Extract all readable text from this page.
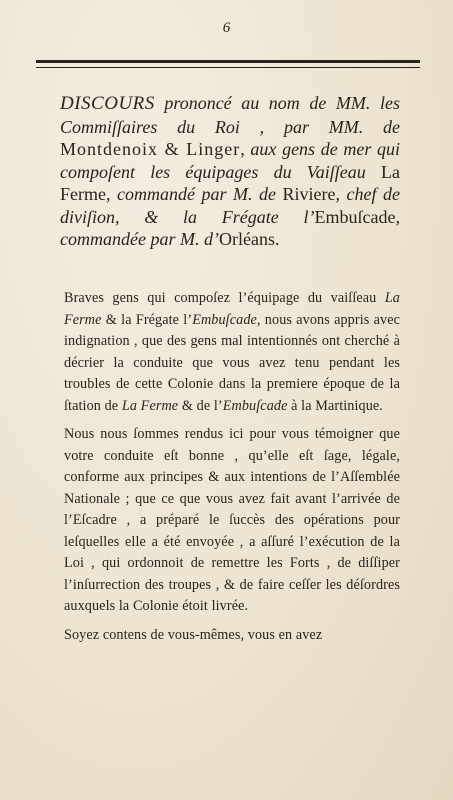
6
DISCOURS prononcé au nom de MM. les Commiſſaires du Roi , par MM. de Montdenoix & Linger, aux gens de mer qui compoſent les équipages du Vaiſſeau La Ferme, commandé par M. de Riviere, chef de diviſion, & la Frégate l’Embuſcade, commandée par M. d’Orléans.

Braves gens qui compoſez l’équipage du vaiſſeau La Ferme & la Frégate l’Embuſcade, nous avons appris avec indignation , que des gens mal intentionnés ont cherché à décrier la conduite que vous avez tenu pendant les troubles de cette Colonie dans la premiere époque de la ſtation de La Ferme & de l’Embuſcade à la Martinique.

Nous nous ſommes rendus ici pour vous témoigner que votre conduite eſt bonne , qu’elle eſt ſage, légale, conforme aux principes & aux intentions de l’Aſſemblée Nationale ; que ce que vous avez fait avant l’arrivée de l’Eſcadre , a préparé le ſuccès des opérations pour leſquelles elle a été envoyée , a aſſuré l’exécution de la Loi , qui ordonnoit de remettre les Forts , de diſſiper l’inſurrection des troupes , & de faire ceſſer les déſordres auxquels la Colonie étoit livrée.

Soyez contens de vous-mêmes, vous en avez
